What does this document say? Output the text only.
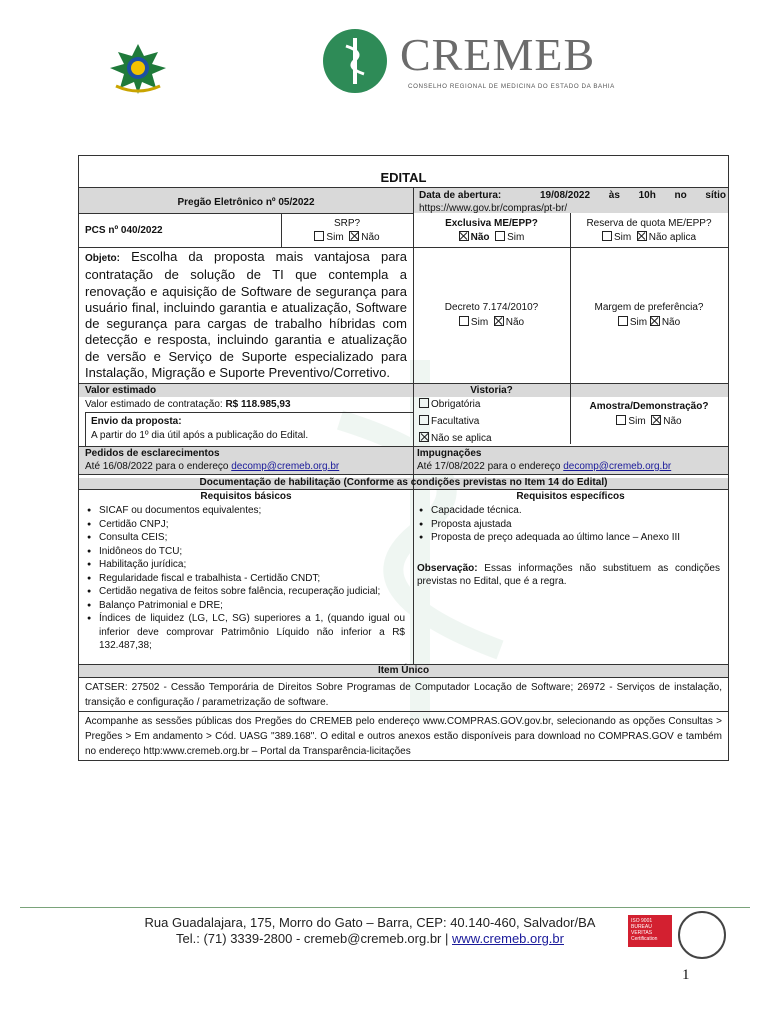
CREMEB
CONSELHO REGIONAL DE MEDICINA DO ESTADO DA BAHIA
EDITAL
Pregão Eletrônico nº 05/2022
Data de abertura:	19/08/2022 às 10h no sítio
https://www.gov.br/compras/pt-br/
PCS nº 040/2022
SRP?
Sim Não
Exclusiva ME/EPP?
Não Sim
Reserva de quota ME/EPP?
Sim Não aplica
Objeto: Escolha da proposta mais vantajosa para contratação de solução de TI que contempla a renovação e aquisição de Software de segurança para usuário final, incluindo garantia e atualização, Software de segurança para cargas de trabalho híbridas com detecção e resposta, incluindo garantia e atualização de versão e Serviço de Suporte especializado para Instalação, Migração e Suporte Preventivo/Corretivo.
Decreto 7.174/2010?
Sim Não
Margem de preferência?
Sim Não
Valor estimado
Valor estimado de contratação: R$ 118.985,93
Envio da proposta:
A partir do 1º dia útil após a publicação do Edital.
Vistoria?
Obrigatória
Facultativa
Não se aplica
Amostra/Demonstração?
Sim Não
Pedidos de esclarecimentos
Até 16/08/2022 para o endereço decomp@cremeb.org.br
Impugnações
Até 17/08/2022 para o endereço decomp@cremeb.org.br
Documentação de habilitação (Conforme as condições previstas no Item 14 do Edital)
Requisitos básicos
● SICAF ou documentos equivalentes;
● Certidão CNPJ;
● Consulta CEIS;
● Inidôneos do TCU;
● Habilitação jurídica;
● Regularidade fiscal e trabalhista - Certidão CNDT;
● Certidão negativa de feitos sobre falência, recuperação judicial;
● Balanço Patrimonial e DRE;
● Índices de liquidez (LG, LC, SG) superiores a 1, (quando igual ou inferior deve comprovar Patrimônio Líquido não inferior a R$ 132.487,38;
Requisitos específicos
● Capacidade técnica.
● Proposta ajustada
● Proposta de preço adequada ao último lance – Anexo III
Observação: Essas informações não substituem as condições previstas no Edital, que é a regra.
Item Único
CATSER: 27502 - Cessão Temporária de Direitos Sobre Programas de Computador Locação de Software; 26972 - Serviços de instalação, transição e configuração / parametrização de software.
Acompanhe as sessões públicas dos Pregões do CREMEB pelo endereço www.COMPRAS.GOV.gov.br, selecionando as opções Consultas > Pregões > Em andamento > Cód. UASG "389.168". O edital e outros anexos estão disponíveis para download no COMPRAS.GOV e também no endereço http:www.cremeb.org.br – Portal da Transparência-licitações
Rua Guadalajara, 175, Morro do Gato – Barra, CEP: 40.140-460, Salvador/BA
Tel.: (71) 3339-2800 - cremeb@cremeb.org.br | www.cremeb.org.br
ISO 9001 BUREAU VERITAS Certification
1
